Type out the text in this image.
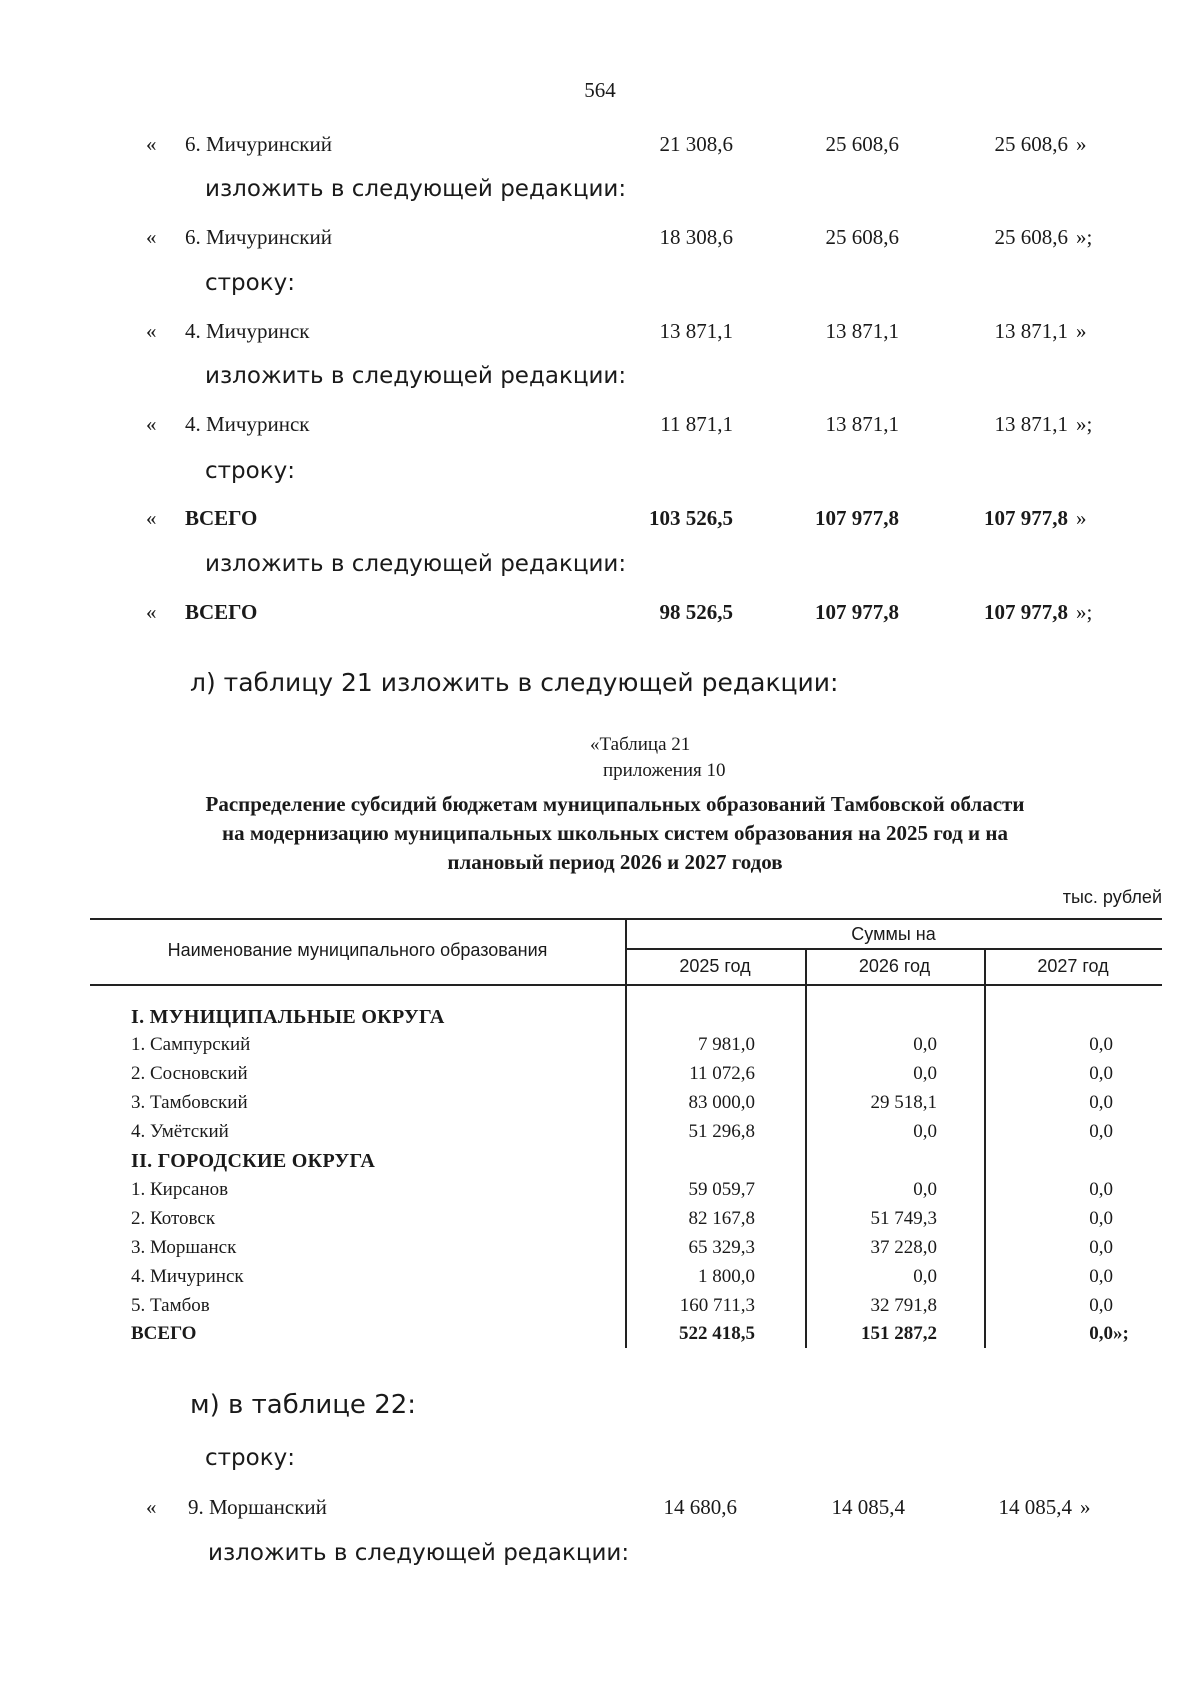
564
« 6. Мичуринский	21 308,6	25 608,6	25 608,6 »
изложить в следующей редакции:
« 6. Мичуринский	18 308,6	25 608,6	25 608,6 »;
строку:
« 4. Мичуринск	13 871,1	13 871,1	13 871,1 »
изложить в следующей редакции:
« 4. Мичуринск	11 871,1	13 871,1	13 871,1 »;
строку:
« ВСЕГО	103 526,5	107 977,8	107 977,8 »
изложить в следующей редакции:
« ВСЕГО	98 526,5	107 977,8	107 977,8 »;
л) таблицу 21 изложить в следующей редакции:
«Таблица 21
приложения 10
Распределение субсидий бюджетам муниципальных образований Тамбовской области
на модернизацию муниципальных школьных систем образования на 2025 год и на
плановый период 2026 и 2027 годов
тыс. рублей
Наименование муниципального образования
Суммы на
2025 год	2026 год	2027 год
I. МУНИЦИПАЛЬНЫЕ ОКРУГА
1. Сампурский	7 981,0	0,0	0,0
2. Сосновский	11 072,6	0,0	0,0
3. Тамбовский	83 000,0	29 518,1	0,0
4. Умётский	51 296,8	0,0	0,0
II. ГОРОДСКИЕ ОКРУГА
1. Кирсанов	59 059,7	0,0	0,0
2. Котовск	82 167,8	51 749,3	0,0
3. Моршанск	65 329,3	37 228,0	0,0
4. Мичуринск	1 800,0	0,0	0,0
5. Тамбов	160 711,3	32 791,8	0,0
ВСЕГО	522 418,5	151 287,2	0,0 »;
м) в таблице 22:
строку:
« 9. Моршанский	14 680,6	14 085,4	14 085,4 »
изложить в следующей редакции:
